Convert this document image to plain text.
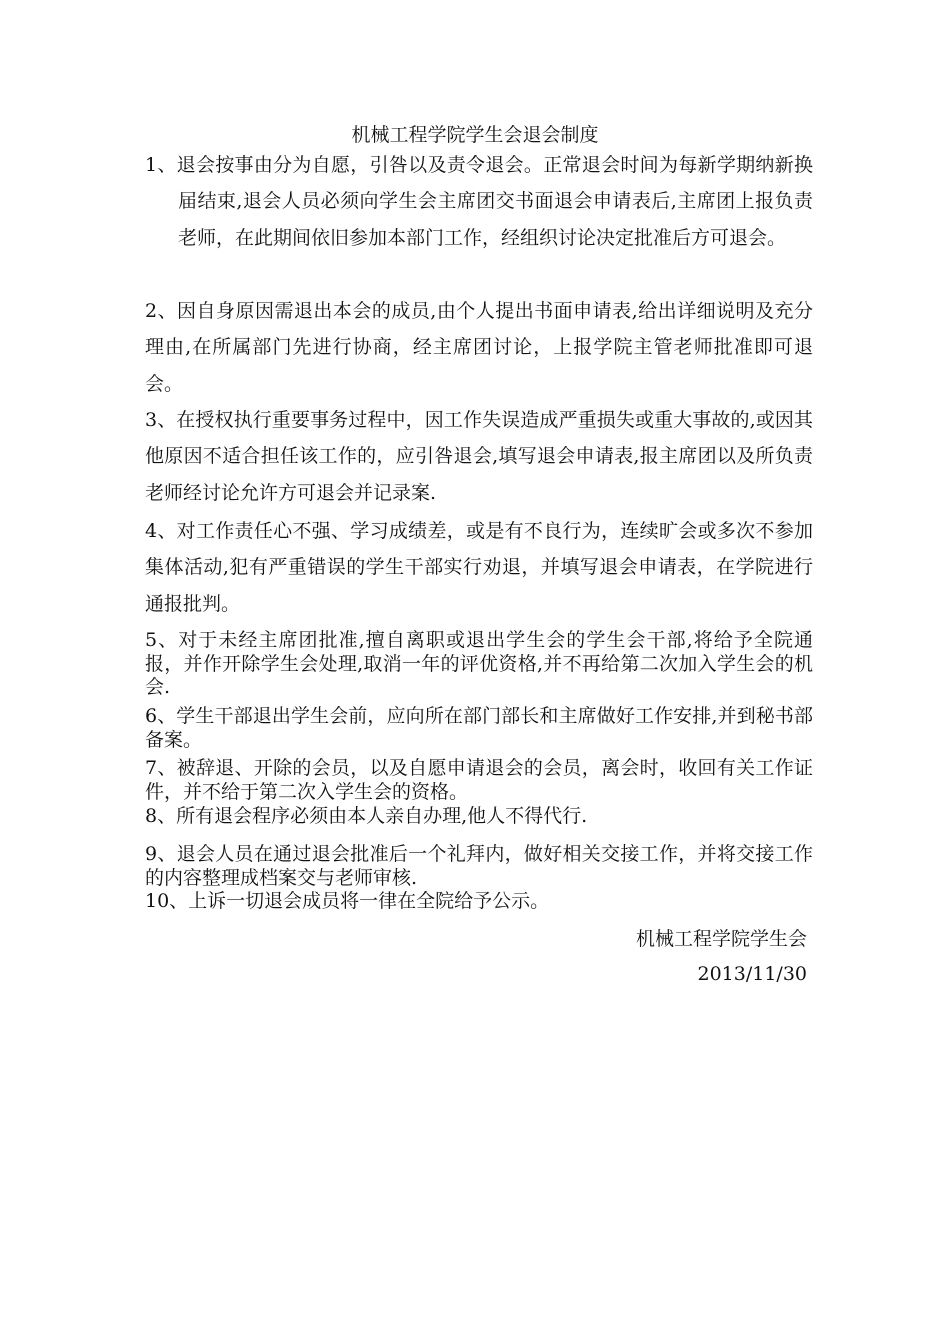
机械工程学院学生会退会制度

1、退会按事由分为自愿，引咎以及责令退会。正常退会时间为每新学期纳新换届结束,退会人员必须向学生会主席团交书面退会申请表后,主席团上报负责老师，在此期间依旧参加本部门工作，经组织讨论决定批准后方可退会。

2、因自身原因需退出本会的成员,由个人提出书面申请表,给出详细说明及充分理由,在所属部门先进行协商，经主席团讨论，上报学院主管老师批准即可退会。

3、在授权执行重要事务过程中，因工作失误造成严重损失或重大事故的,或因其他原因不适合担任该工作的，应引咎退会,填写退会申请表,报主席团以及所负责老师经讨论允许方可退会并记录案.

4、对工作责任心不强、学习成绩差，或是有不良行为，连续旷会或多次不参加集体活动,犯有严重错误的学生干部实行劝退，并填写退会申请表，在学院进行通报批判。

5、对于未经主席团批准,擅自离职或退出学生会的学生会干部,将给予全院通报，并作开除学生会处理,取消一年的评优资格,并不再给第二次加入学生会的机会.

6、学生干部退出学生会前，应向所在部门部长和主席做好工作安排,并到秘书部备案。

7、被辞退、开除的会员，以及自愿申请退会的会员，离会时，收回有关工作证件，并不给于第二次入学生会的资格。

8、所有退会程序必须由本人亲自办理,他人不得代行.

9、退会人员在通过退会批准后一个礼拜内，做好相关交接工作，并将交接工作的内容整理成档案交与老师审核.

10、上诉一切退会成员将一律在全院给予公示。

机械工程学院学生会

2013/11/30
